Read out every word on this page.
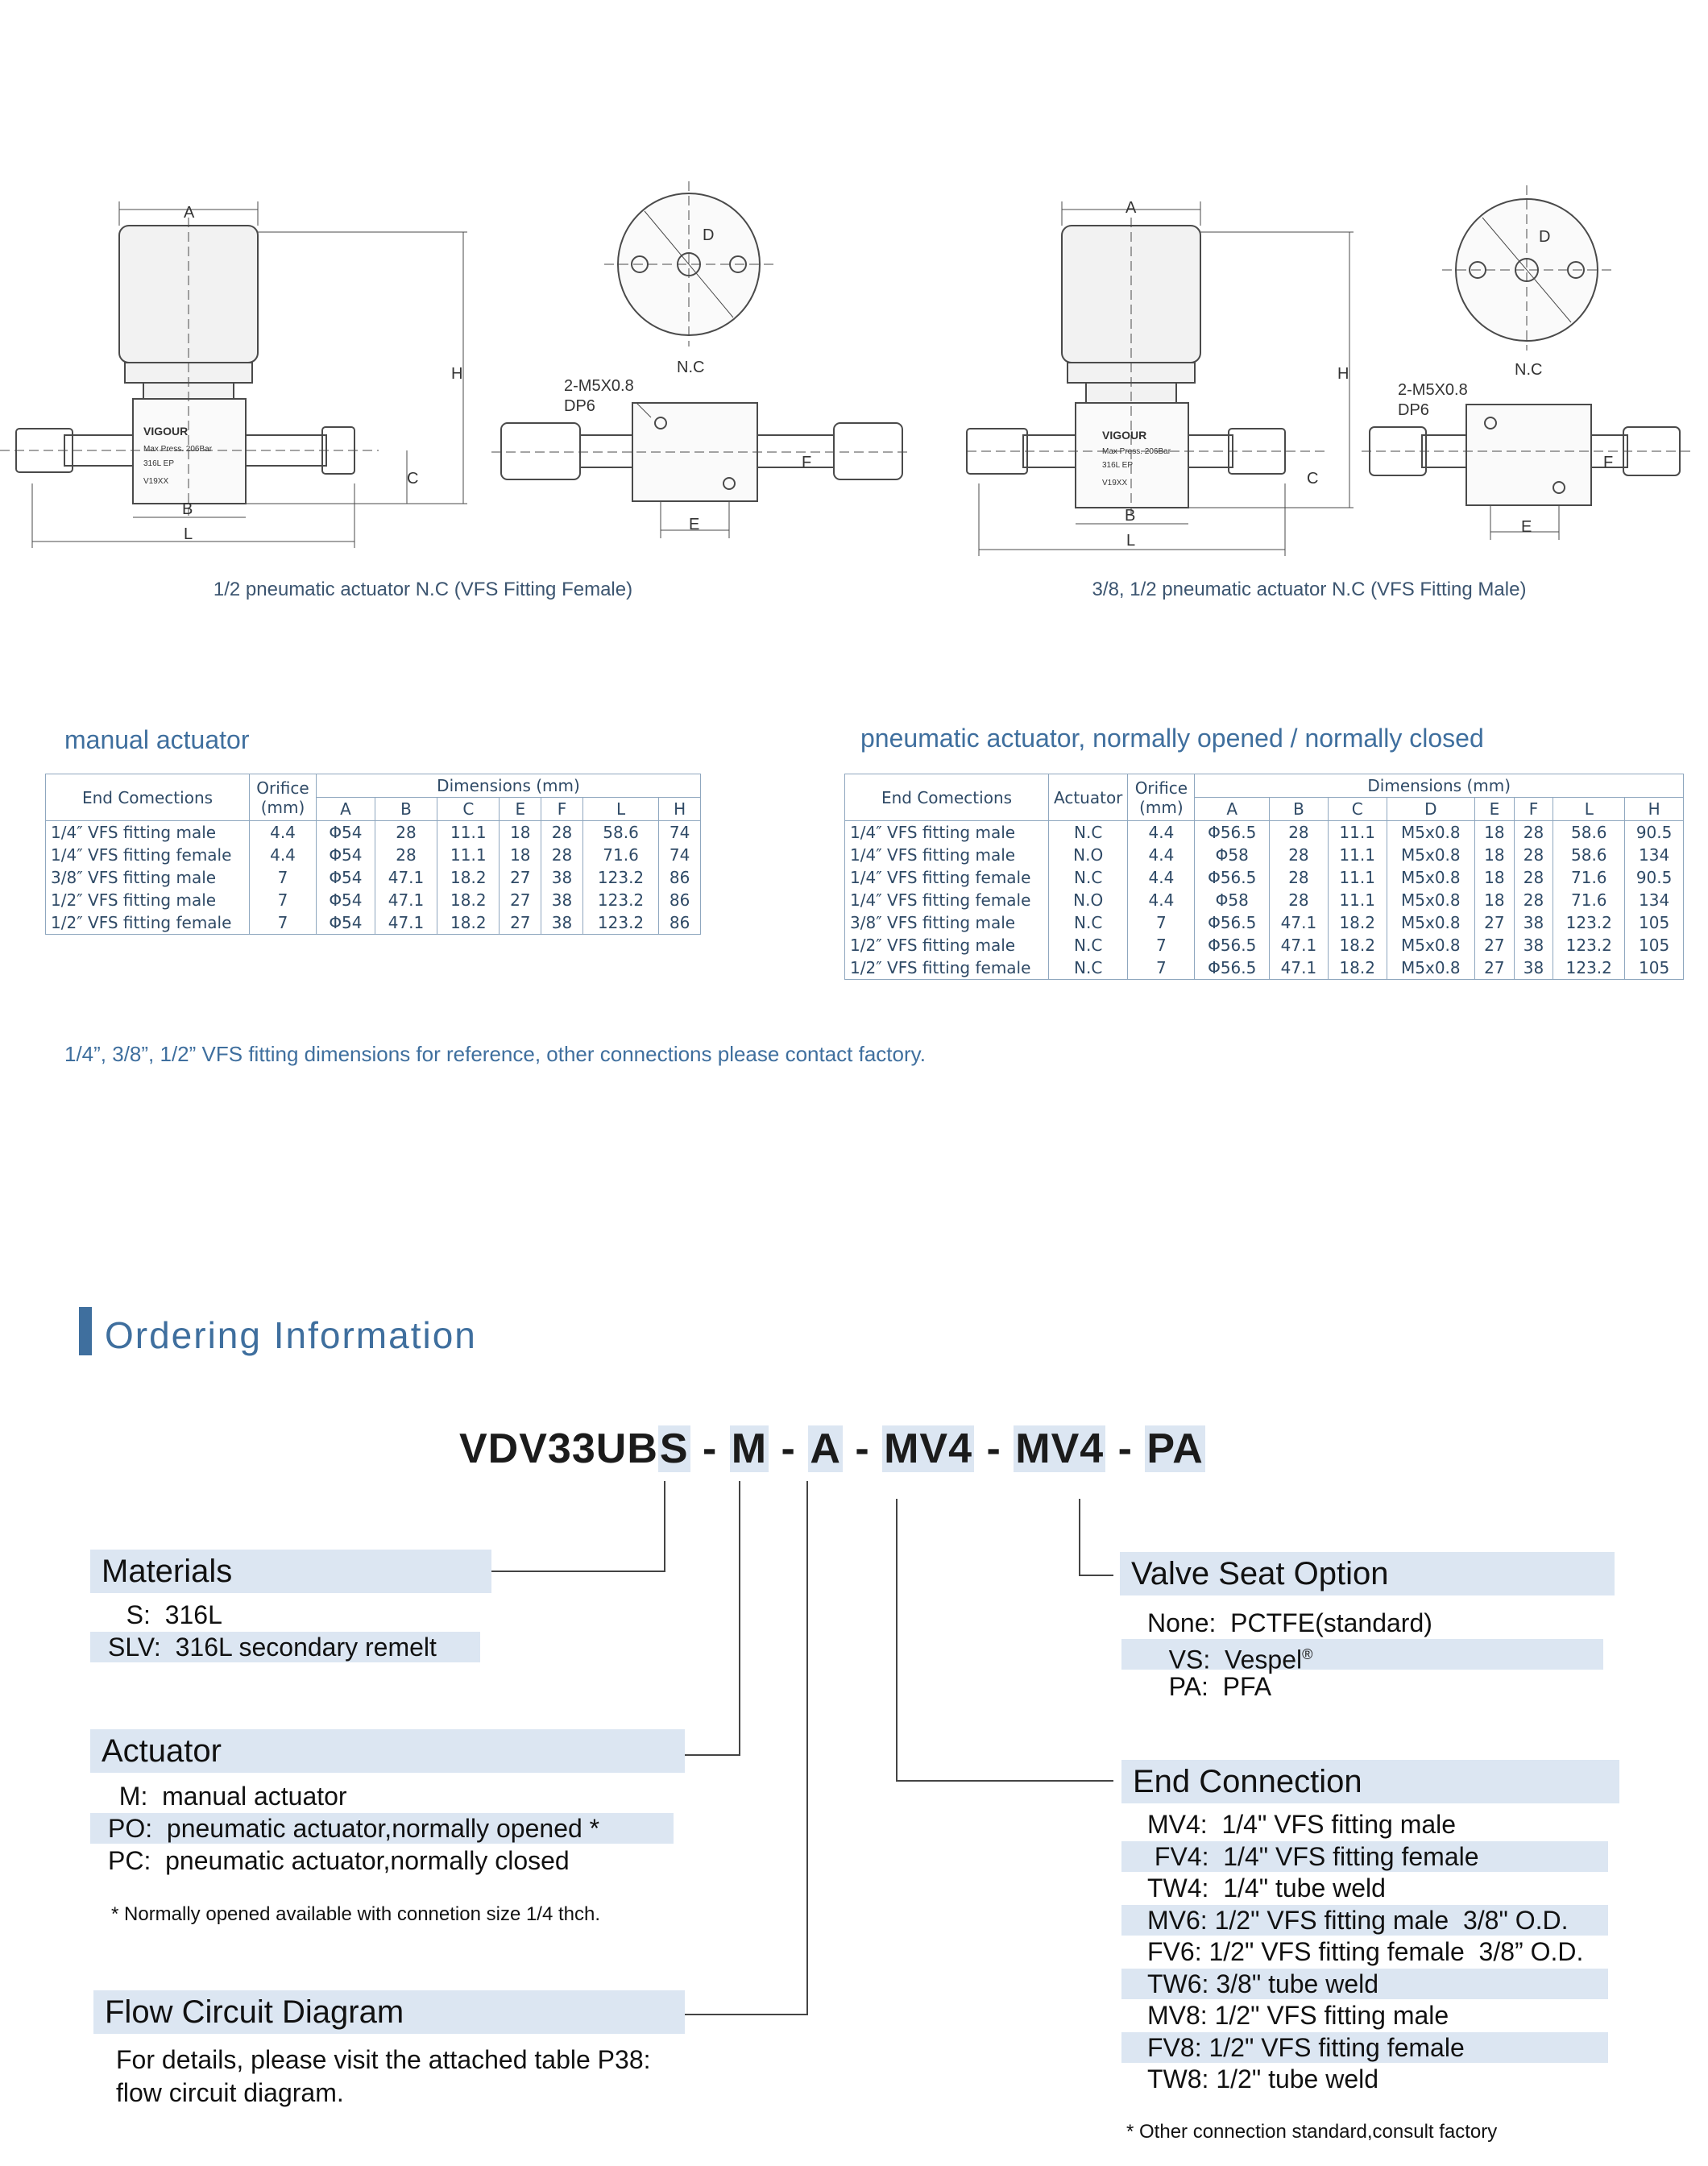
VIGOUR
Max Press. 206Bar
316L EP
V19XX
A
B
L
H
C
D
N.C
2-M5X0.8
DP6
E
F
VIGOUR
Max Press. 206Bar
316L EP
V19XX
A
B
L
H
C
D
N.C
2-M5X0.8
DP6
E
F
1/2 pneumatic actuator N.C (VFS Fitting Female)	3/8, 1/2 pneumatic actuator N.C (VFS Fitting Male)
manual actuator
End Comections	Orifice
(mm)	Dimensions (mm)						
		A	B	C	E	F	L	H
1/4″ VFS fitting male	4.4	Φ54	28	11.1	18	28	58.6	74
1/4″ VFS fitting female	4.4	Φ54	28	11.1	18	28	71.6	74
3/8″ VFS fitting male	7	Φ54	47.1	18.2	27	38	123.2	86
1/2″ VFS fitting male	7	Φ54	47.1	18.2	27	38	123.2	86
1/2″ VFS fitting female	7	Φ54	47.1	18.2	27	38	123.2	86
pneumatic actuator, normally opened / normally closed
End Comections	Actuator	Orifice
(mm)	Dimensions (mm)							
			A	B	C	D	E	F	L	H
1/4″ VFS fitting male	N.C	4.4	Φ56.5	28	11.1	M5x0.8	18	28	58.6	90.5
1/4″ VFS fitting male	N.O	4.4	Φ58	28	11.1	M5x0.8	18	28	58.6	134
1/4″ VFS fitting female	N.C	4.4	Φ56.5	28	11.1	M5x0.8	18	28	71.6	90.5
1/4″ VFS fitting female	N.O	4.4	Φ58	28	11.1	M5x0.8	18	28	71.6	134
3/8″ VFS fitting male	N.C	7	Φ56.5	47.1	18.2	M5x0.8	27	38	123.2	105
1/2″ VFS fitting male	N.C	7	Φ56.5	47.1	18.2	M5x0.8	27	38	123.2	105
1/2″ VFS fitting female	N.C	7	Φ56.5	47.1	18.2	M5x0.8	27	38	123.2	105
1/4”, 3/8”, 1/2” VFS fitting dimensions for reference, other connections please contact factory.
Ordering Information
VDV33UBS - M - A - MV4 - MV4 - PA
Materials
S:  316L
SLV:  316L secondary remelt
Actuator
M:  manual actuator
PO:  pneumatic actuator,normally opened *
PC:  pneumatic actuator,normally closed
* Normally opened available with connetion size 1/4 thch.
Flow Circuit Diagram
For details, please visit the attached table P38:
flow circuit diagram.
Valve Seat Option
None:  PCTFE(standard)
VS:  Vespel®
PA:  PFA
End Connection
MV4:  1/4" VFS fitting male
FV4:  1/4" VFS fitting female
TW4:  1/4" tube weld
MV6: 1/2" VFS fitting male  3/8" O.D.
FV6: 1/2" VFS fitting female  3/8” O.D.
TW6: 3/8" tube weld
MV8: 1/2" VFS fitting male
FV8: 1/2" VFS fitting female
TW8: 1/2" tube weld
* Other connection standard,consult factory
